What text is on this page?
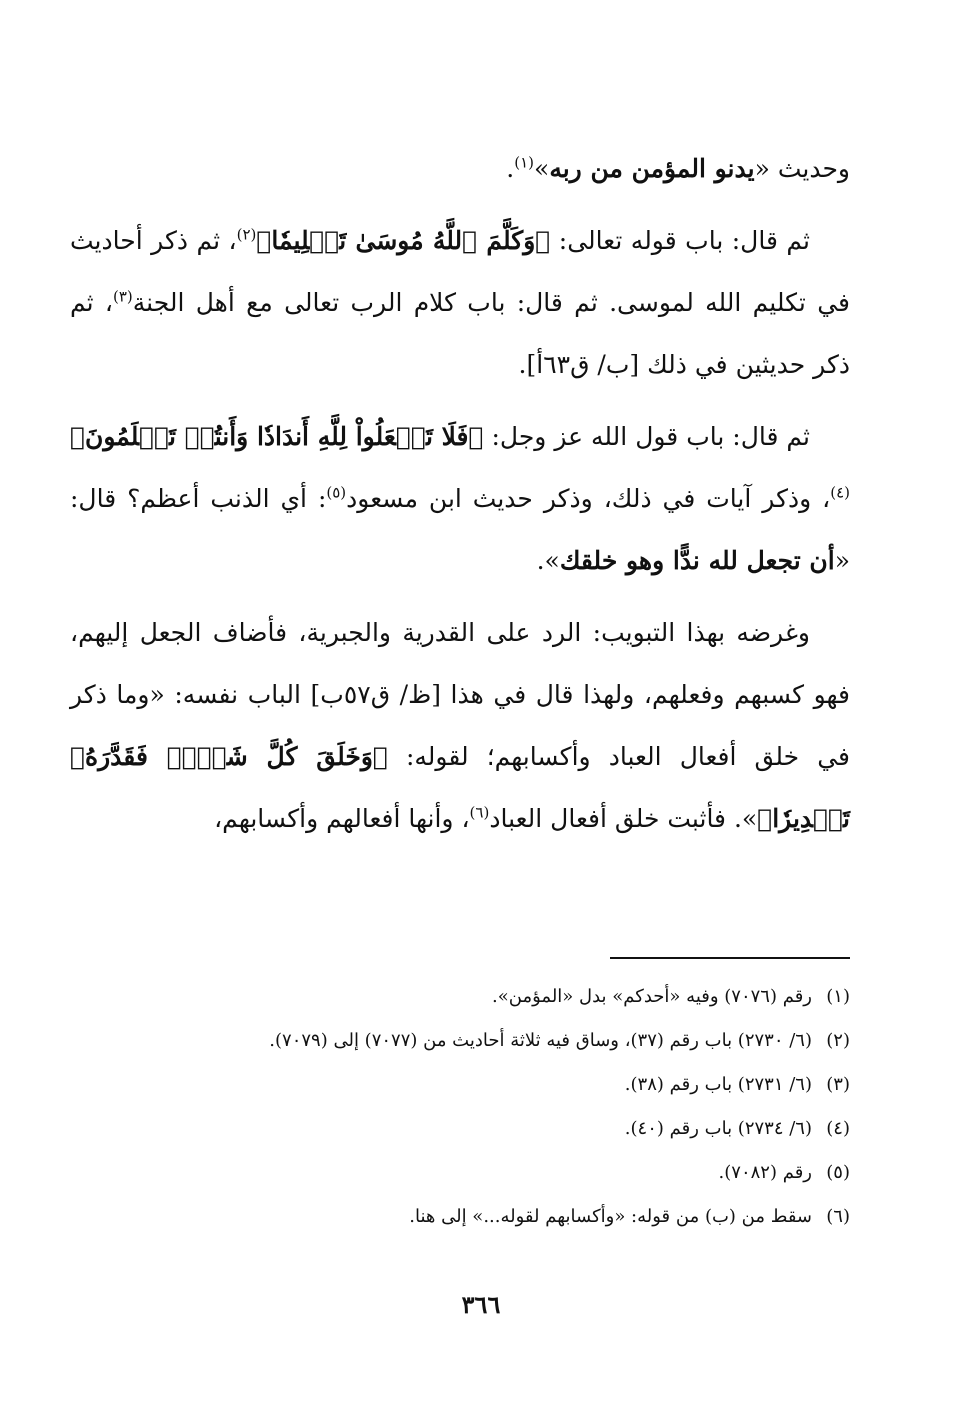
وحديث «يدنو المؤمن من ربه»$^{(١)}$.

ثم قال: باب قوله تعالى: ﴿وَكَلَّمَ ٱللَّهُ مُوسَىٰ تَكۡلِيمٗا﴾$^{(٢)}$، ثم ذكر أحاديث في تكليم الله لموسى. ثم قال: باب كلام الرب تعالى مع أهل الجنة$^{(٣)}$، ثم ذكر حديثين في ذلك [ب/ ق٦٣أ].

ثم قال: باب قول الله عز وجل: ﴿فَلَا تَجۡعَلُواْ لِلَّهِ أَندَادٗا وَأَنتُمۡ تَعۡلَمُونَ﴾$^{(٤)}$، وذكر آيات في ذلك، وذكر حديث ابن مسعود$^{(٥)}$: أي الذنب أعظم؟ قال: «أن تجعل لله ندًّا وهو خلقك».

وغرضه بهذا التبويب: الرد على القدرية والجبرية، فأضاف الجعل إليهم، فهو كسبهم وفعلهم، ولهذا قال في هذا [ظ/ ق٥٧ب] الباب نفسه: «وما ذكر في خلق أفعال العباد وأكسابهم؛ لقوله: ﴿وَخَلَقَ كُلَّ شَيۡءٖ فَقَدَّرَهُۥ تَقۡدِيرٗا﴾». فأثبت خلق أفعال العباد$^{(٦)}$، وأنها أفعالهم وأكسابهم،

(١)
رقم (٧٠٧٦) وفيه «أحدكم» بدل «المؤمن».
(٢)
(٦/ ٢٧٣٠) باب رقم (٣٧)، وساق فيه ثلاثة أحاديث من (٧٠٧٧) إلى (٧٠٧٩).
(٣)
(٦/ ٢٧٣١) باب رقم (٣٨).
(٤)
(٦/ ٢٧٣٤) باب رقم (٤٠).
(٥)
رقم (٧٠٨٢).
(٦)
سقط من (ب) من قوله: «وأكسابهم لقوله...» إلى هنا.
٣٦٦
